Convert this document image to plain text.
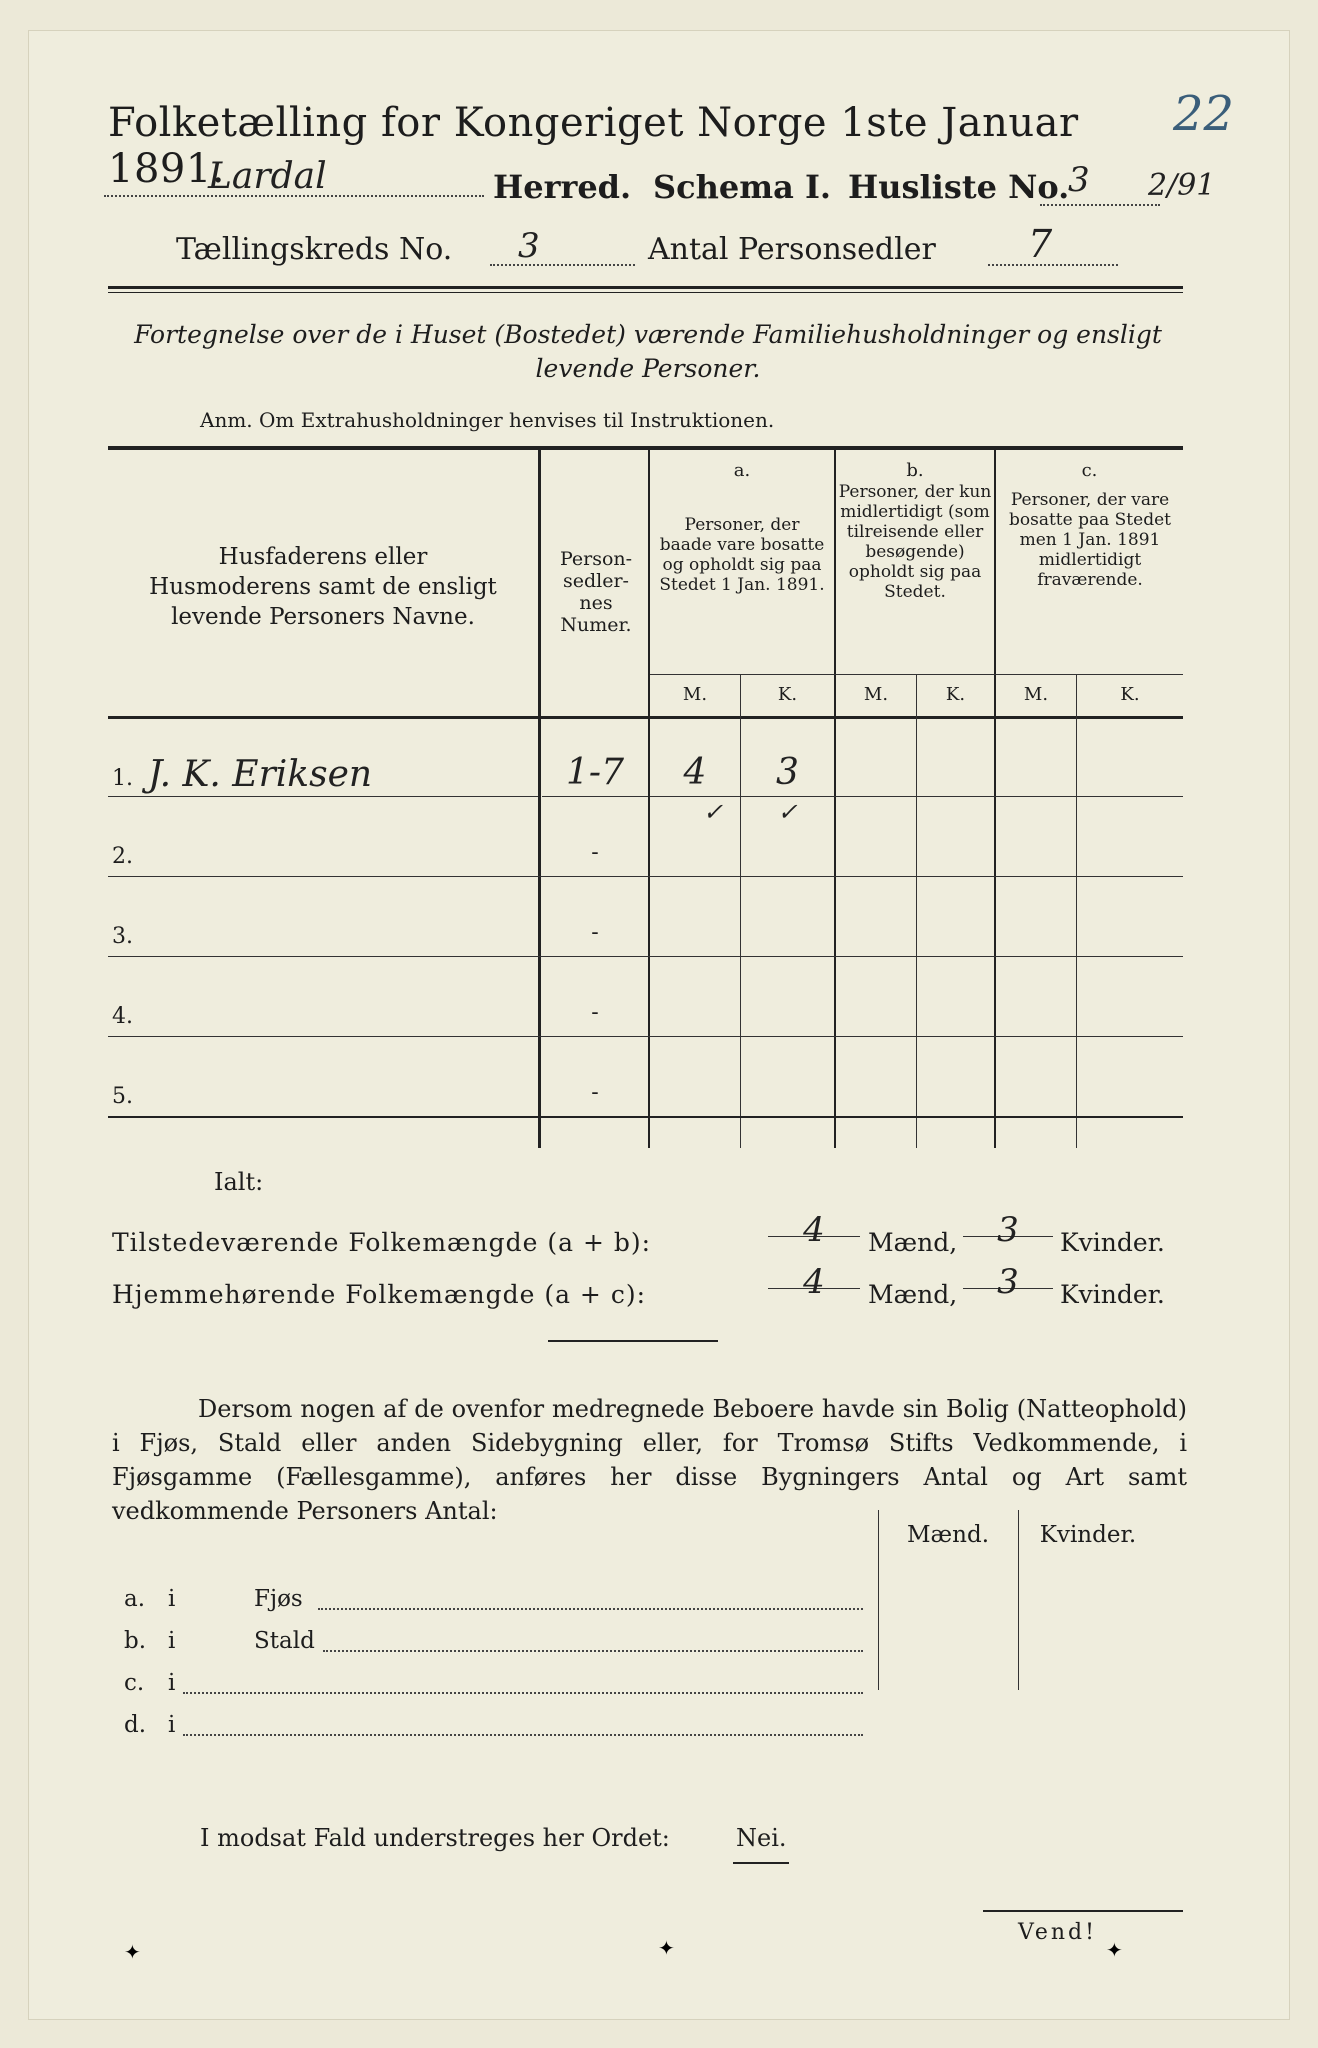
Folketælling for Kongeriget Norge 1ste Januar 1891.
22
Lardal	Herred. Schema I. Husliste No.
3 2/91
Tællingskreds No. 3	Antal Personsedler 7
Fortegnelse over de i Huset (Bostedet) værende Familiehusholdninger og ensligt levende Personer.
Anm. Om Extrahusholdninger henvises til Instruktionen.
Husfaderens eller Husmoderens samt de ensligt levende Personers Navne.
Person-sedler-nes Numer.
a.
Personer, der baade vare bosatte og opholdt sig paa Stedet 1 Jan. 1891.
b.
Personer, der kun midlertidigt (som tilreisende eller besøgende) opholdt sig paa Stedet.
c.
Personer, der vare bosatte paa Stedet men 1 Jan. 1891 midlertidigt fraværende.
M.	K.	M.	K.	M.	K.
1. J. K. Eriksen	1-7	4	3
✓	✓
2.	-
3.	-
4.	-
5.	-
Ialt:
Tilstedeværende Folkemængde (a + b):	4	Mænd,	3	Kvinder.
Hjemmehørende Folkemængde (a + c):	4	Mænd,	3	Kvinder.
Dersom nogen af de ovenfor medregnede Beboere havde sin Bolig (Natteophold) i Fjøs, Stald eller anden Sidebygning eller, for Tromsø Stifts Vedkommende, i Fjøsgamme (Fællesgamme), anføres her disse Bygningers Antal og Art samt vedkommende Personers Antal:
Mænd.	Kvinder.
a. i	Fjøs
b. i	Stald
c. i
d. i
I modsat Fald understreges her Ordet:	Nei.
Vend!
✦	✦	✦
